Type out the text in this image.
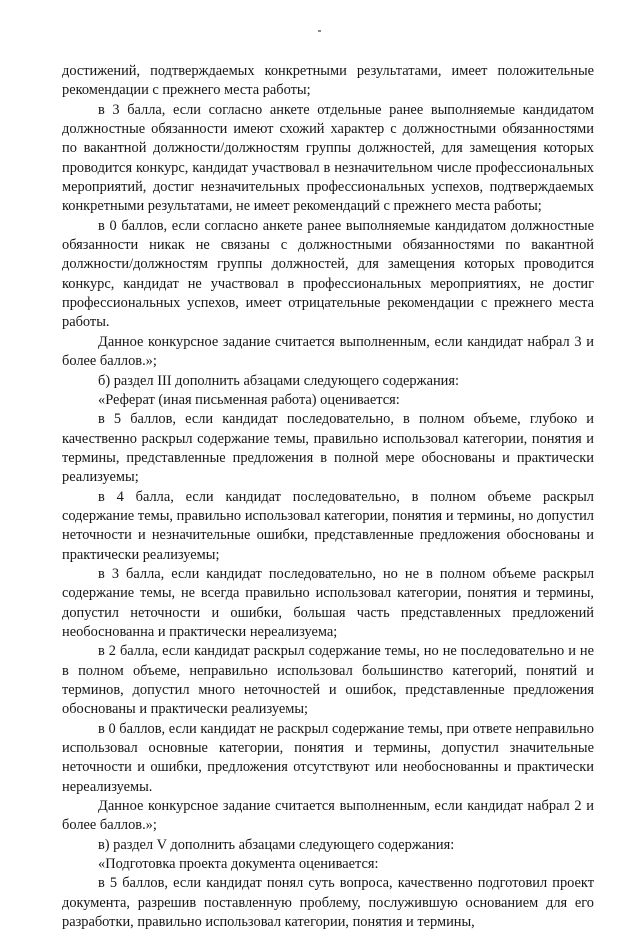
достижений, подтверждаемых конкретными результатами, имеет положительные рекомендации с прежнего места работы;

в 3 балла, если согласно анкете отдельные ранее выполняемые кандидатом должностные обязанности имеют схожий характер с должностными обязанностями по вакантной должности/должностям группы должностей, для замещения которых проводится конкурс, кандидат участвовал в незначительном числе профессиональных мероприятий, достиг незначительных профессиональных успехов, подтверждаемых конкретными результатами, не имеет рекомендаций с прежнего места работы;

в 0 баллов, если согласно анкете ранее выполняемые кандидатом должностные обязанности никак не связаны с должностными обязанностями по вакантной должности/должностям группы должностей, для замещения которых проводится конкурс, кандидат не участвовал в профессиональных мероприятиях, не достиг профессиональных успехов, имеет отрицательные рекомендации с прежнего места работы.

Данное конкурсное задание считается выполненным, если кандидат набрал 3 и более баллов.»;

б) раздел III дополнить абзацами следующего содержания:

«Реферат (иная письменная работа) оценивается:

в 5 баллов, если кандидат последовательно, в полном объеме, глубоко и качественно раскрыл содержание темы, правильно использовал категории, понятия и термины, представленные предложения в полной мере обоснованы и практически реализуемы;

в 4 балла, если кандидат последовательно, в полном объеме раскрыл содержание темы, правильно использовал категории, понятия и термины, но допустил неточности и незначительные ошибки, представленные предложения обоснованы и практически реализуемы;

в 3 балла, если кандидат последовательно, но не в полном объеме раскрыл содержание темы, не всегда правильно использовал категории, понятия и термины, допустил неточности и ошибки, большая часть представленных предложений необоснованна и практически нереализуема;

в 2 балла, если кандидат раскрыл содержание темы, но не последовательно и не в полном объеме, неправильно использовал большинство категорий, понятий и терминов, допустил много неточностей и ошибок, представленные предложения обоснованы и практически реализуемы;

в 0 баллов, если кандидат не раскрыл содержание темы, при ответе неправильно использовал основные категории, понятия и термины, допустил значительные неточности и ошибки, предложения отсутствуют или необоснованны и практически нереализуемы.

Данное конкурсное задание считается выполненным, если кандидат набрал 2 и более баллов.»;

в) раздел V дополнить абзацами следующего содержания:

«Подготовка проекта документа оценивается:

в 5 баллов, если кандидат понял суть вопроса, качественно подготовил проект документа, разрешив поставленную проблему, послужившую основанием для его разработки, правильно использовал категории, понятия и термины,
